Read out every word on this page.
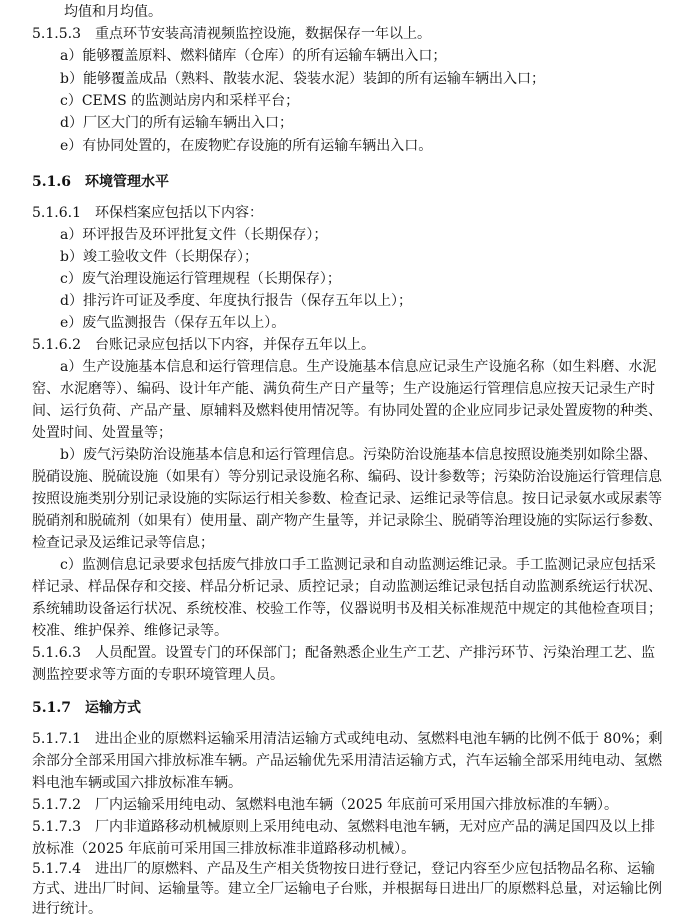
均值和月均值。
5.1.5.3　重点环节安装高清视频监控设施，数据保存一年以上。
a）能够覆盖原料、燃料储库（仓库）的所有运输车辆出入口；
b）能够覆盖成品（熟料、散装水泥、袋装水泥）装卸的所有运输车辆出入口；
c）CEMS 的监测站房内和采样平台；
d）厂区大门的所有运输车辆出入口；
e）有协同处置的，在废物贮存设施的所有运输车辆出入口。
5.1.6　环境管理水平
5.1.6.1　环保档案应包括以下内容：
a）环评报告及环评批复文件（长期保存）；
b）竣工验收文件（长期保存）；
c）废气治理设施运行管理规程（长期保存）；
d）排污许可证及季度、年度执行报告（保存五年以上）；
e）废气监测报告（保存五年以上）。
5.1.6.2　台账记录应包括以下内容，并保存五年以上。
a）生产设施基本信息和运行管理信息。生产设施基本信息应记录生产设施名称（如生料磨、水泥
窑、水泥磨等）、编码、设计年产能、满负荷生产日产量等；生产设施运行管理信息应按天记录生产时
间、运行负荷、产品产量、原辅料及燃料使用情况等。有协同处置的企业应同步记录处置废物的种类、
处置时间、处置量等；
b）废气污染防治设施基本信息和运行管理信息。污染防治设施基本信息按照设施类别如除尘器、
脱硝设施、脱硫设施（如果有）等分别记录设施名称、编码、设计参数等；污染防治设施运行管理信息
按照设施类别分别记录设施的实际运行相关参数、检查记录、运维记录等信息。按日记录氨水或尿素等
脱硝剂和脱硫剂（如果有）使用量、副产物产生量等，并记录除尘、脱硝等治理设施的实际运行参数、
检查记录及运维记录等信息；
c）监测信息记录要求包括废气排放口手工监测记录和自动监测运维记录。手工监测记录应包括采
样记录、样品保存和交接、样品分析记录、质控记录；自动监测运维记录包括自动监测系统运行状况、
系统辅助设备运行状况、系统校准、校验工作等，仪器说明书及相关标准规范中规定的其他检查项目；
校准、维护保养、维修记录等。
5.1.6.3　人员配置。设置专门的环保部门；配备熟悉企业生产工艺、产排污环节、污染治理工艺、监
测监控要求等方面的专职环境管理人员。
5.1.7　运输方式
5.1.7.1　进出企业的原燃料运输采用清洁运输方式或纯电动、氢燃料电池车辆的比例不低于 80%；剩
余部分全部采用国六排放标准车辆。产品运输优先采用清洁运输方式，汽车运输全部采用纯电动、氢燃
料电池车辆或国六排放标准车辆。
5.1.7.2　厂内运输采用纯电动、氢燃料电池车辆（2025 年底前可采用国六排放标准的车辆）。
5.1.7.3　厂内非道路移动机械原则上采用纯电动、氢燃料电池车辆，无对应产品的满足国四及以上排
放标准（2025 年底前可采用国三排放标准非道路移动机械）。
5.1.7.4　进出厂的原燃料、产品及生产相关货物按日进行登记，登记内容至少应包括物品名称、运输
方式、进出厂时间、运输量等。建立全厂运输电子台账，并根据每日进出厂的原燃料总量，对运输比例
进行统计。
